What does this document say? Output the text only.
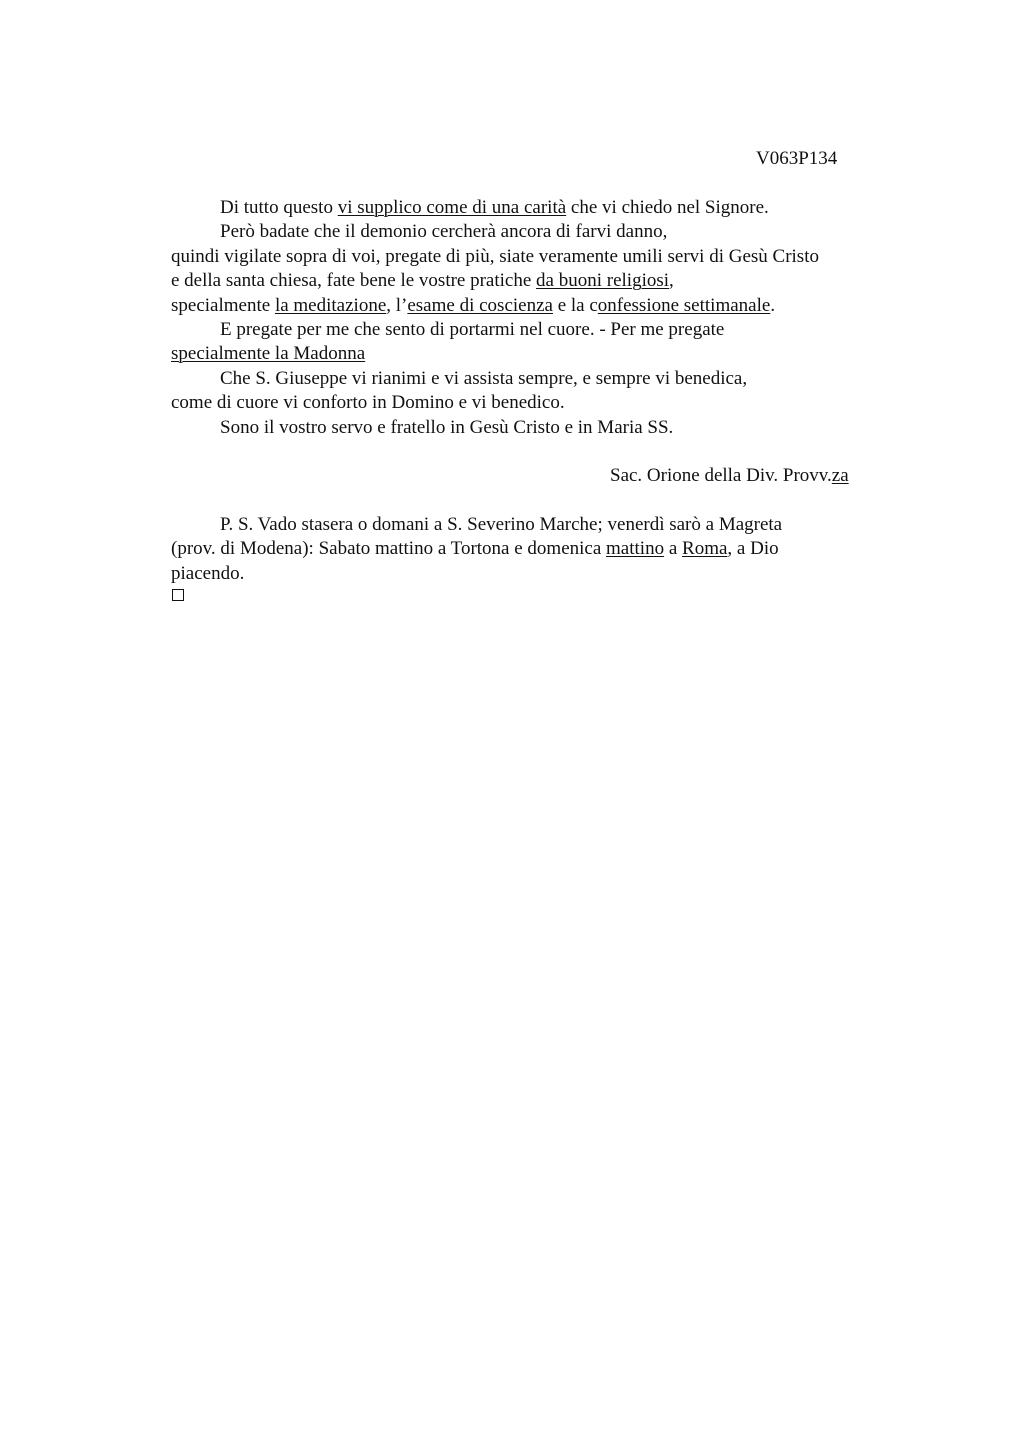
V063P134
Di tutto questo vi supplico come di una carità che vi chiedo nel Signore.
Però badate che il demonio cercherà ancora di farvi danno,
quindi vigilate sopra di voi, pregate di più, siate veramente umili servi di Gesù Cristo
e della santa chiesa, fate bene le vostre pratiche da buoni religiosi,
specialmente la meditazione, l’esame di coscienza e la confessione settimanale.
E pregate per me che sento di portarmi nel cuore. - Per me pregate
specialmente la Madonna
Che S. Giuseppe vi rianimi e vi assista sempre, e sempre vi benedica,
come di cuore vi conforto in Domino e vi benedico.
Sono il vostro servo e fratello in Gesù Cristo e in Maria SS.
Sac. Orione della Div. Provv.za
P. S. Vado stasera o domani a S. Severino Marche; venerdì sarò a Magreta
(prov. di Modena): Sabato mattino a Tortona e domenica mattino a Roma, a Dio
piacendo.
